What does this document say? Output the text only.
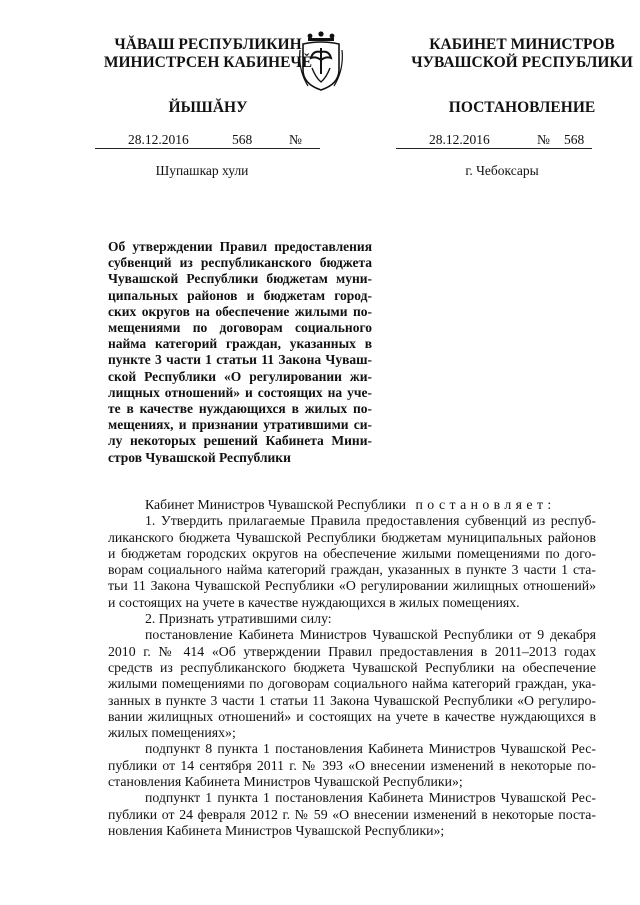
ЧĂВАШ РЕСПУБЛИКИН
МИНИСТРСЕН КАБИНЕЧĚ
КАБИНЕТ МИНИСТРОВ
ЧУВАШСКОЙ РЕСПУБЛИКИ
ЙЫШĂНУ	ПОСТАНОВЛЕНИЕ
28.12.2016	568	№	28.12.2016	№ 568
Шупашкар хули	г. Чебоксары
Об утверждении Правил предоставления
субвенций из республиканского бюджета
Чувашской Республики бюджетам муни-
ципальных районов и бюджетам город-
ских округов на обеспечение жилыми по-
мещениями по договорам социального
найма категорий граждан, указанных в
пункте 3 части 1 статьи 11 Закона Чуваш-
ской Республики «О регулировании жи-
лищных отношений» и состоящих на уче-
те в качестве нуждающихся в жилых по-
мещениях, и признании утратившими си-
лу некоторых решений Кабинета Мини-
стров Чувашской Республики

Кабинет Министров Чувашской Республики постановляет:

1. Утвердить прилагаемые Правила предоставления субвенций из респуб-
ликанского бюджета Чувашской Республики бюджетам муниципальных районов
и бюджетам городских округов на обеспечение жилыми помещениями по дого-
ворам социального найма категорий граждан, указанных в пункте 3 части 1 ста-
тьи 11 Закона Чувашской Республики «О регулировании жилищных отношений»
и состоящих на учете в качестве нуждающихся в жилых помещениях.

2. Признать утратившими силу:

постановление Кабинета Министров Чувашской Республики от 9 декабря
2010 г. № 414 «Об утверждении Правил предоставления в 2011–2013 годах
средств из республиканского бюджета Чувашской Республики на обеспечение
жилыми помещениями по договорам социального найма категорий граждан, ука-
занных в пункте 3 части 1 статьи 11 Закона Чувашской Республики «О регулиро-
вании жилищных отношений» и состоящих на учете в качестве нуждающихся в
жилых помещениях»;

подпункт 8 пункта 1 постановления Кабинета Министров Чувашской Рес-
публики от 14 сентября 2011 г. № 393 «О внесении изменений в некоторые по-
становления Кабинета Министров Чувашской Республики»;

подпункт 1 пункта 1 постановления Кабинета Министров Чувашской Рес-
публики от 24 февраля 2012 г. № 59 «О внесении изменений в некоторые поста-
новления Кабинета Министров Чувашской Республики»;
